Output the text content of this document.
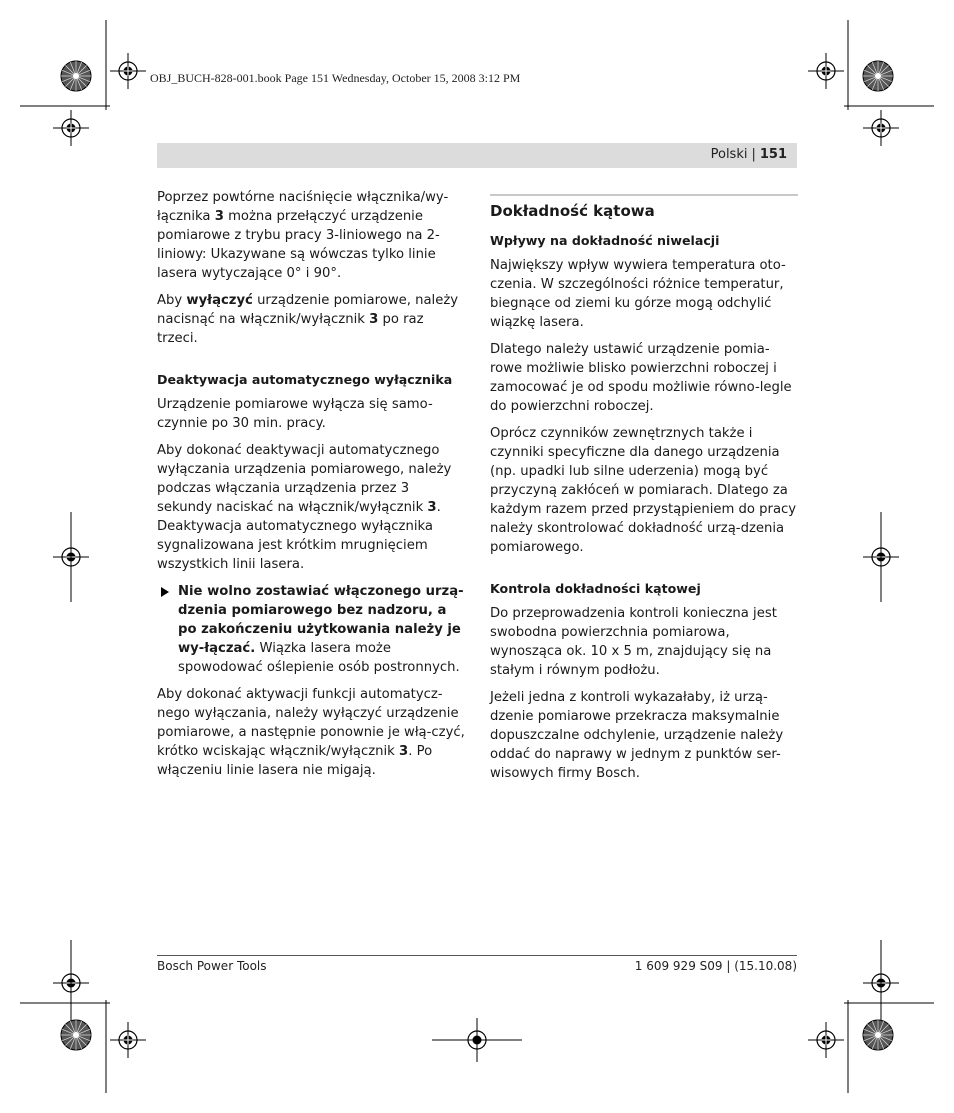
OBJ_BUCH-828-001.book Page 151 Wednesday, October 15, 2008 3:12 PM
Polski | 151

Poprzez powtórne naciśnięcie włącznika/wy-łącznika 3 można przełączyć urządzenie pomiarowe z trybu pracy 3-liniowego na 2-liniowy: Ukazywane są wówczas tylko linie lasera wytyczające 0° i 90°.

Aby wyłączyć urządzenie pomiarowe, należy nacisnąć na włącznik/wyłącznik 3 po raz trzeci.

Deaktywacja automatycznego wyłącznika

Urządzenie pomiarowe wyłącza się samo-czynnie po 30 min. pracy.

Aby dokonać deaktywacji automatycznego wyłączania urządzenia pomiarowego, należy podczas włączania urządzenia przez 3 sekundy naciskać na włącznik/wyłącznik 3. Deaktywacja automatycznego wyłącznika sygnalizowana jest krótkim mrugnięciem wszystkich linii lasera.

Nie wolno zostawiać włączonego urzą-dzenia pomiarowego bez nadzoru, a po zakończeniu użytkowania należy je wy-łączać. Wiązka lasera może spowodować oślepienie osób postronnych.

Aby dokonać aktywacji funkcji automatycz-nego wyłączania, należy wyłączyć urządzenie pomiarowe, a następnie ponownie je włą-czyć, krótko wciskając włącznik/wyłącznik 3. Po włączeniu linie lasera nie migają.

Dokładność kątowa
Wpływy na dokładność niwelacji

Największy wpływ wywiera temperatura oto-czenia. W szczególności różnice temperatur, biegnące od ziemi ku górze mogą odchylić wiązkę lasera.

Dlatego należy ustawić urządzenie pomia-rowe możliwie blisko powierzchni roboczej i zamocować je od spodu możliwie równo-legle do powierzchni roboczej.

Oprócz czynników zewnętrznych także i czynniki specyficzne dla danego urządzenia (np. upadki lub silne uderzenia) mogą być przyczyną zakłóceń w pomiarach. Dlatego za każdym razem przed przystąpieniem do pracy należy skontrolować dokładność urzą-dzenia pomiarowego.

Kontrola dokładności kątowej

Do przeprowadzenia kontroli konieczna jest swobodna powierzchnia pomiarowa, wynosząca ok. 10 x 5 m, znajdujący się na stałym i równym podłożu.

Jeżeli jedna z kontroli wykazałaby, iż urzą-dzenie pomiarowe przekracza maksymalnie dopuszczalne odchylenie, urządzenie należy oddać do naprawy w jednym z punktów ser-wisowych firmy Bosch.

Bosch Power Tools	1 609 929 S09 | (15.10.08)
